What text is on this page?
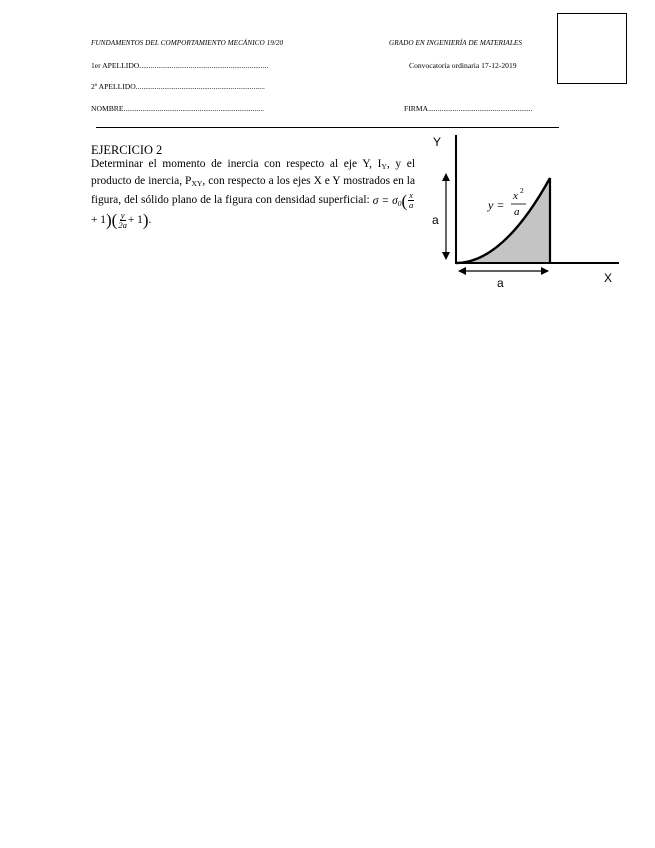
FUNDAMENTOS DEL COMPORTAMIENTO MECÁNICO 19/20	GRADO EN INGENIERÍA DE MATERIALES
1er APELLIDO....................................................................	Convocatoria ordinaria 17-12-2019
2º APELLIDO....................................................................
NOMBRE..........................................................................	FIRMA.......................................................
EJERCICIO 2

Determinar el momento de inercia con respecto al eje Y, $I_Y$, y el producto de inercia, $P_{XY}$, con respecto a los ejes X e Y mostrados en la figura, del sólido plano de la figura con densidad superficial: $\sigma = \sigma_0( \frac{x}{a}$
+ $1)( \frac{y}{2a} + 1)$.

Y
X
a
a
y =
x 2
a
